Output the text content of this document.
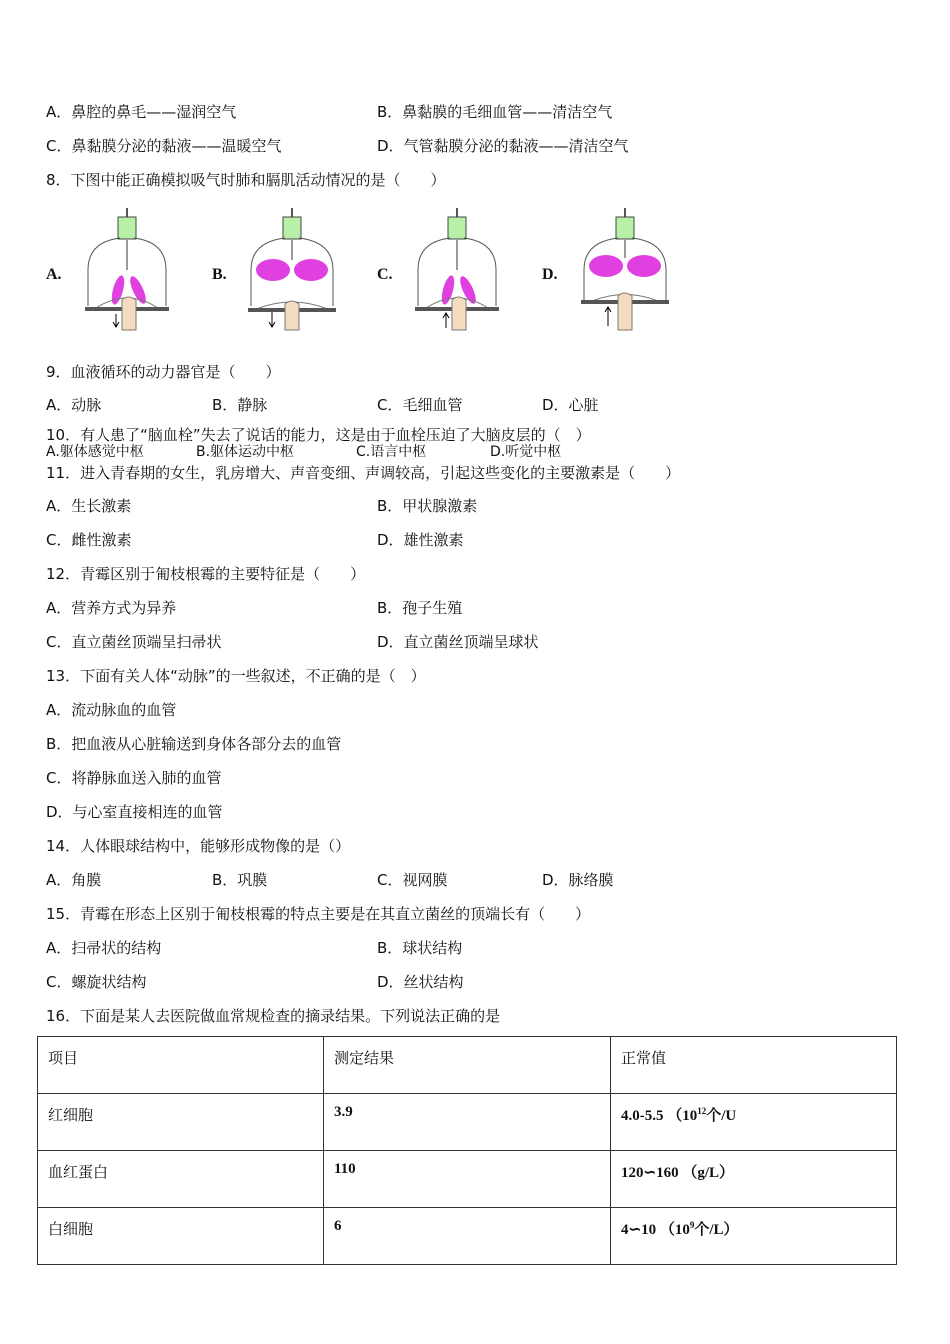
A．鼻腔的鼻毛——湿润空气	B．鼻黏膜的毛细血管——清洁空气
C．鼻黏膜分泌的黏液——温暖空气	D．气管黏膜分泌的黏液——清洁空气
8．下图中能正确模拟吸气时肺和膈肌活动情况的是（　　）
A.	B.	C.	D.
9．血液循环的动力器官是（　　）
A．动脉	B．静脉	C．毛细血管	D．心脏
10．有人患了“脑血栓”失去了说话的能力，这是由于血栓压迫了大脑皮层的（　）
A.躯体感觉中枢	B.躯体运动中枢	C.语言中枢	D.听觉中枢
11．进入青春期的女生，乳房增大、声音变细、声调较高，引起这些变化的主要激素是（　　）
A．生长激素	B．甲状腺激素
C．雌性激素	D．雄性激素
12．青霉区别于匍枝根霉的主要特征是（　　）
A．营养方式为异养	B．孢子生殖
C．直立菌丝顶端呈扫帚状	D．直立菌丝顶端呈球状
13．下面有关人体“动脉”的一些叙述，不正确的是（　）
A．流动脉血的血管
B．把血液从心脏输送到身体各部分去的血管
C．将静脉血送入肺的血管
D．与心室直接相连的血管
14．人体眼球结构中，能够形成物像的是（）
A．角膜	B．巩膜	C．视网膜	D．脉络膜
15．青霉在形态上区别于匍枝根霉的特点主要是在其直立菌丝的顶端长有（　　）
A．扫帚状的结构	B．球状结构
C．螺旋状结构	D．丝状结构
16．下面是某人去医院做血常规检查的摘录结果。下列说法正确的是
项目	测定结果	正常值
红细胞	3.9	4.0-5.5 （$10^{12}$个/U
血红蛋白	110	120∽160 （g/L）
白细胞	6	4∽10 （$10^9$个/L）
